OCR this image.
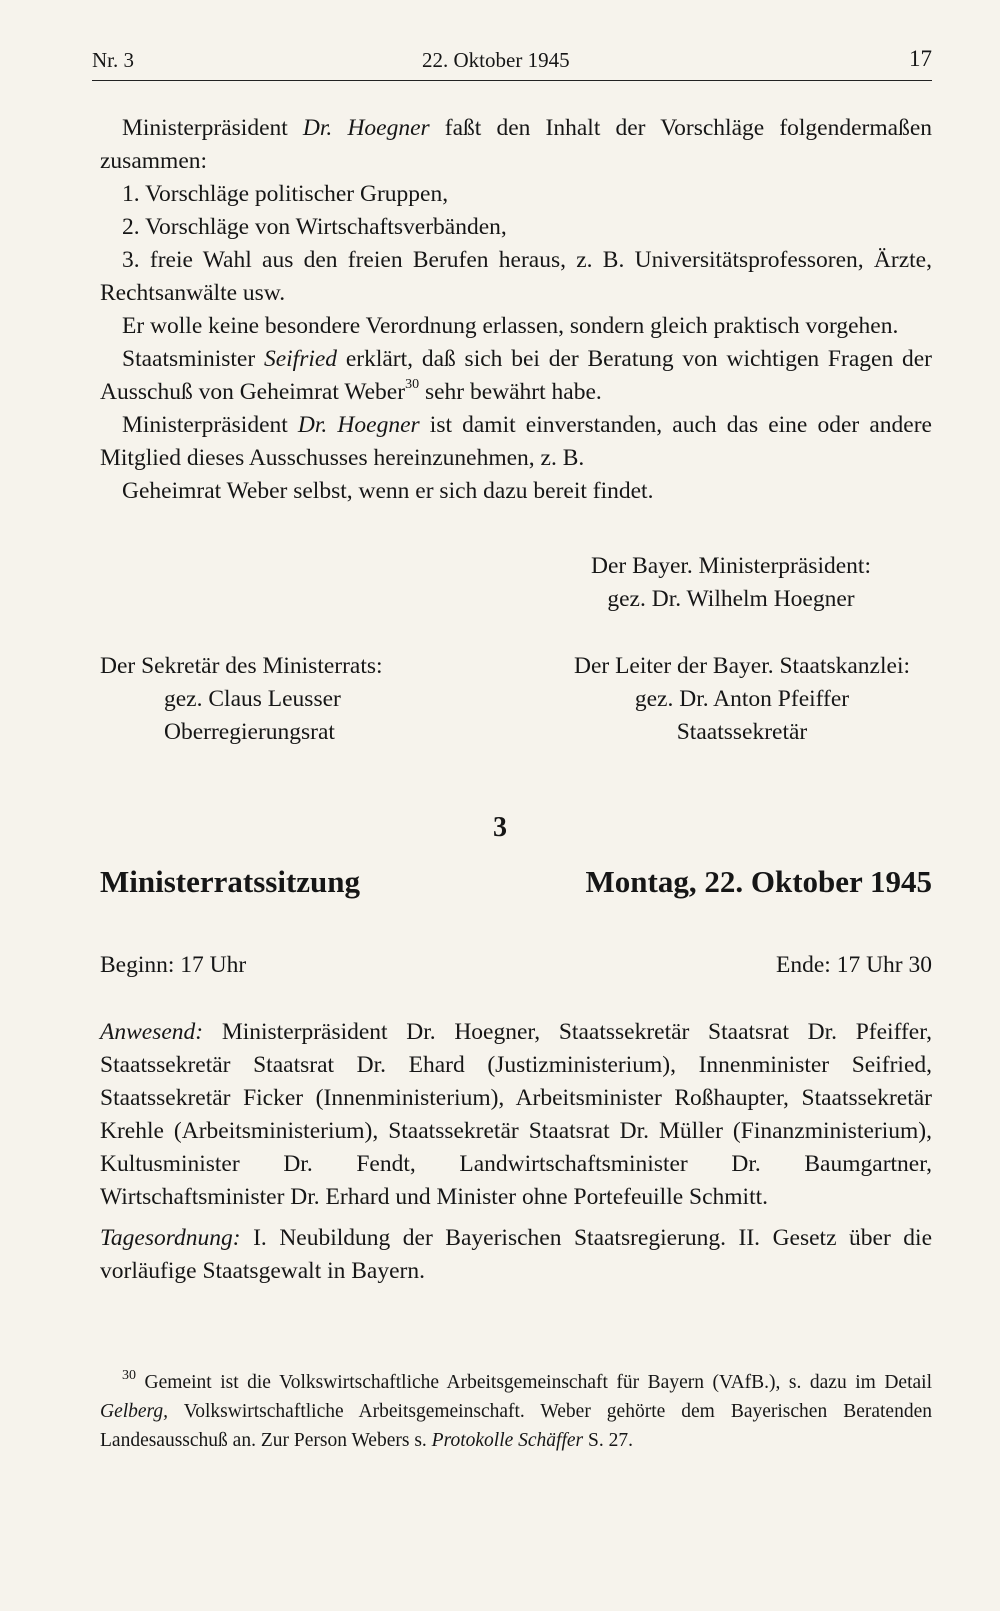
Nr. 3	22. Oktober 1945	17

Ministerpräsident Dr. Hoegner faßt den Inhalt der Vorschläge folgendermaßen zusammen:

1. Vorschläge politischer Gruppen,

2. Vorschläge von Wirtschaftsverbänden,

3. freie Wahl aus den freien Berufen heraus, z. B. Universitätsprofessoren, Ärzte, Rechtsanwälte usw.

Er wolle keine besondere Verordnung erlassen, sondern gleich praktisch vorgehen.

Staatsminister Seifried erklärt, daß sich bei der Beratung von wichtigen Fragen der Ausschuß von Geheimrat Weber$^{30}$ sehr bewährt habe.

Ministerpräsident Dr. Hoegner ist damit einverstanden, auch das eine oder andere Mitglied dieses Ausschusses hereinzunehmen, z. B.

Geheimrat Weber selbst, wenn er sich dazu bereit findet.

Der Bayer. Ministerpräsident:
gez. Dr. Wilhelm Hoegner
Der Sekretär des Ministerrats:
gez. Claus Leusser
Oberregierungsrat
Der Leiter der Bayer. Staatskanzlei:
gez. Dr. Anton Pfeiffer
Staatssekretär
3
Ministerratssitzung	Montag, 22. Oktober 1945
Beginn: 17 Uhr	Ende: 17 Uhr 30

Anwesend: Ministerpräsident Dr. Hoegner, Staatssekretär Staatsrat Dr. Pfeiffer, Staatssekretär Staatsrat Dr. Ehard (Justizministerium), Innenminister Seifried, Staatssekretär Ficker (Innenministerium), Arbeitsminister Roßhaupter, Staatssekretär Krehle (Arbeitsministerium), Staatssekretär Staatsrat Dr. Müller (Finanzministerium), Kultusminister Dr. Fendt, Landwirtschaftsminister Dr. Baumgartner, Wirtschaftsminister Dr. Erhard und Minister ohne Portefeuille Schmitt.

Tagesordnung: I. Neubildung der Bayerischen Staatsregierung. II. Gesetz über die vorläufige Staatsgewalt in Bayern.

$^{30}$ Gemeint ist die Volkswirtschaftliche Arbeitsgemeinschaft für Bayern (VAfB.), s. dazu im Detail Gelberg, Volkswirtschaftliche Arbeitsgemeinschaft. Weber gehörte dem Bayerischen Beratenden Landesausschuß an. Zur Person Webers s. Protokolle Schäffer S. 27.
